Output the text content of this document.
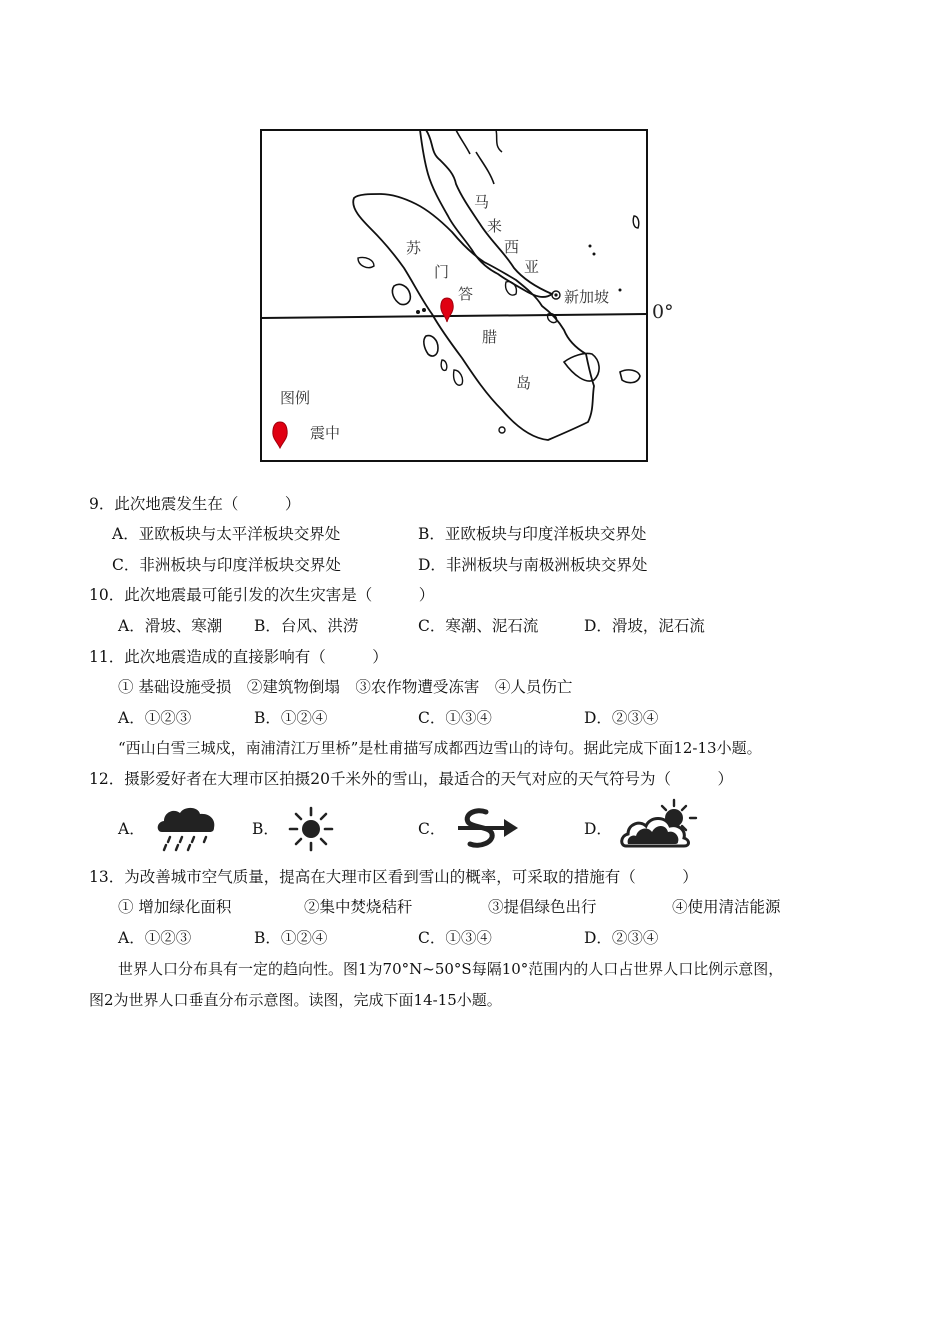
马
来
西
亚
苏
门
答
腊
岛
新加坡
0°
图例
震中
9．此次地震发生在（　　　）
A．亚欧板块与太平洋板块交界处	B．亚欧板块与印度洋板块交界处
C．非洲板块与印度洋板块交界处	D．非洲板块与南极洲板块交界处
10．此次地震最可能引发的次生灾害是（　　　）
A．滑坡、寒潮 B．台风、洪涝	C．寒潮、泥石流	D．滑坡，泥石流
11．此次地震造成的直接影响有（　　　）
① 基础设施受损　②建筑物倒塌　③农作物遭受冻害　④人员伤亡
A．①②③	B．①②④	C．①③④	D．②③④
“西山白雪三城戍，南浦清江万里桥”是杜甫描写成都西边雪山的诗句。据此完成下面12-13小题。
12．摄影爱好者在大理市区拍摄20千米外的雪山，最适合的天气对应的天气符号为（　　　）
A．	B．	C．	D．
13．为改善城市空气质量，提高在大理市区看到雪山的概率，可采取的措施有（　　　）
① 增加绿化面积	②集中焚烧秸秆	③提倡绿色出行	④使用清洁能源
A．①②③	B．①②④	C．①③④	D．②③④
世界人口分布具有一定的趋向性。图1为70°N~50°S每隔10°范围内的人口占世界人口比例示意图，
图2为世界人口垂直分布示意图。读图，完成下面14-15小题。
